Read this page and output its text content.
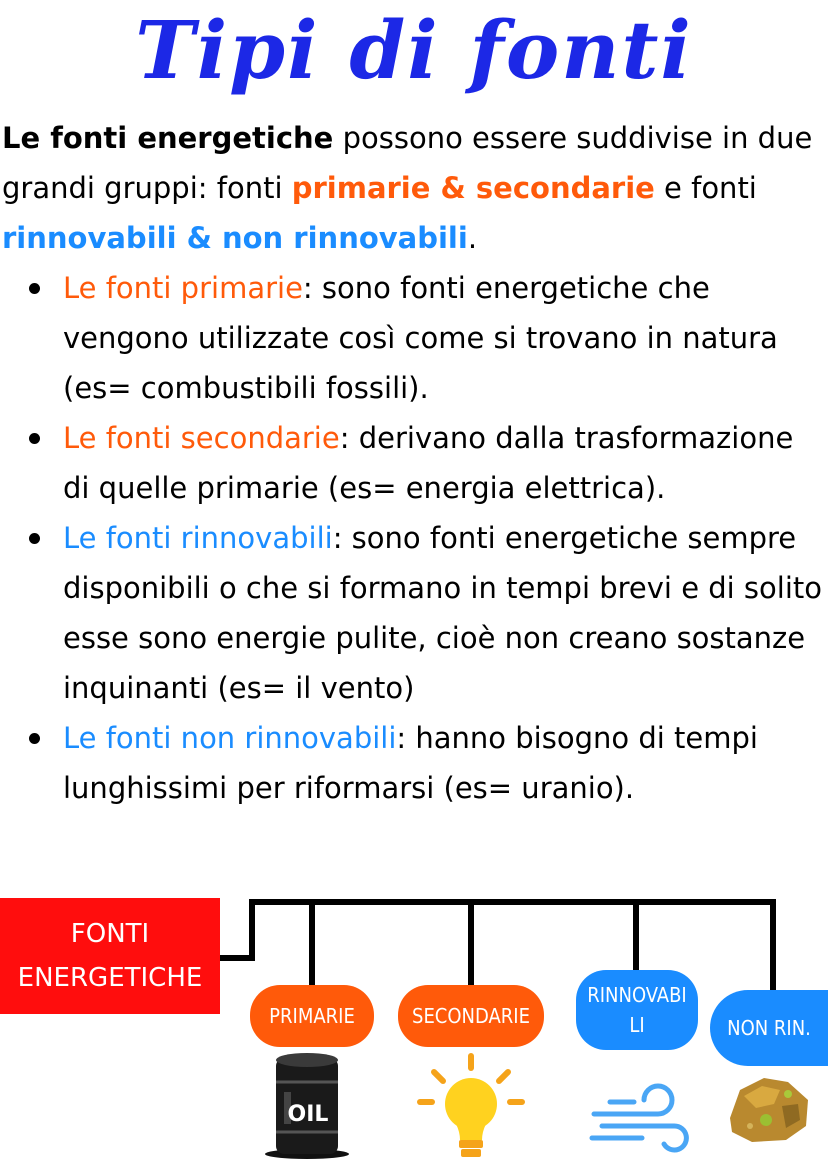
Tipi di fonti

Le fonti energetiche possono essere suddivise in due grandi gruppi: fonti primarie & secondarie e fonti rinnovabili & non rinnovabili.

Le fonti primarie: sono fonti energetiche che vengono utilizzate così come si trovano in natura (es= combustibili fossili).
Le fonti secondarie: derivano dalla trasformazione di quelle primarie (es= energia elettrica).
Le fonti rinnovabili: sono fonti energetiche sempre disponibili o che si formano in tempi brevi e di solito esse sono energie pulite, cioè non creano sostanze inquinanti (es= il vento)
Le fonti non rinnovabili: hanno bisogno di tempi lunghissimi per riformarsi (es= uranio).
FONTI
ENERGETICHE
PRIMARIE	SECONDARIE
RINNOVABI
LI	NON RIN.
OIL
